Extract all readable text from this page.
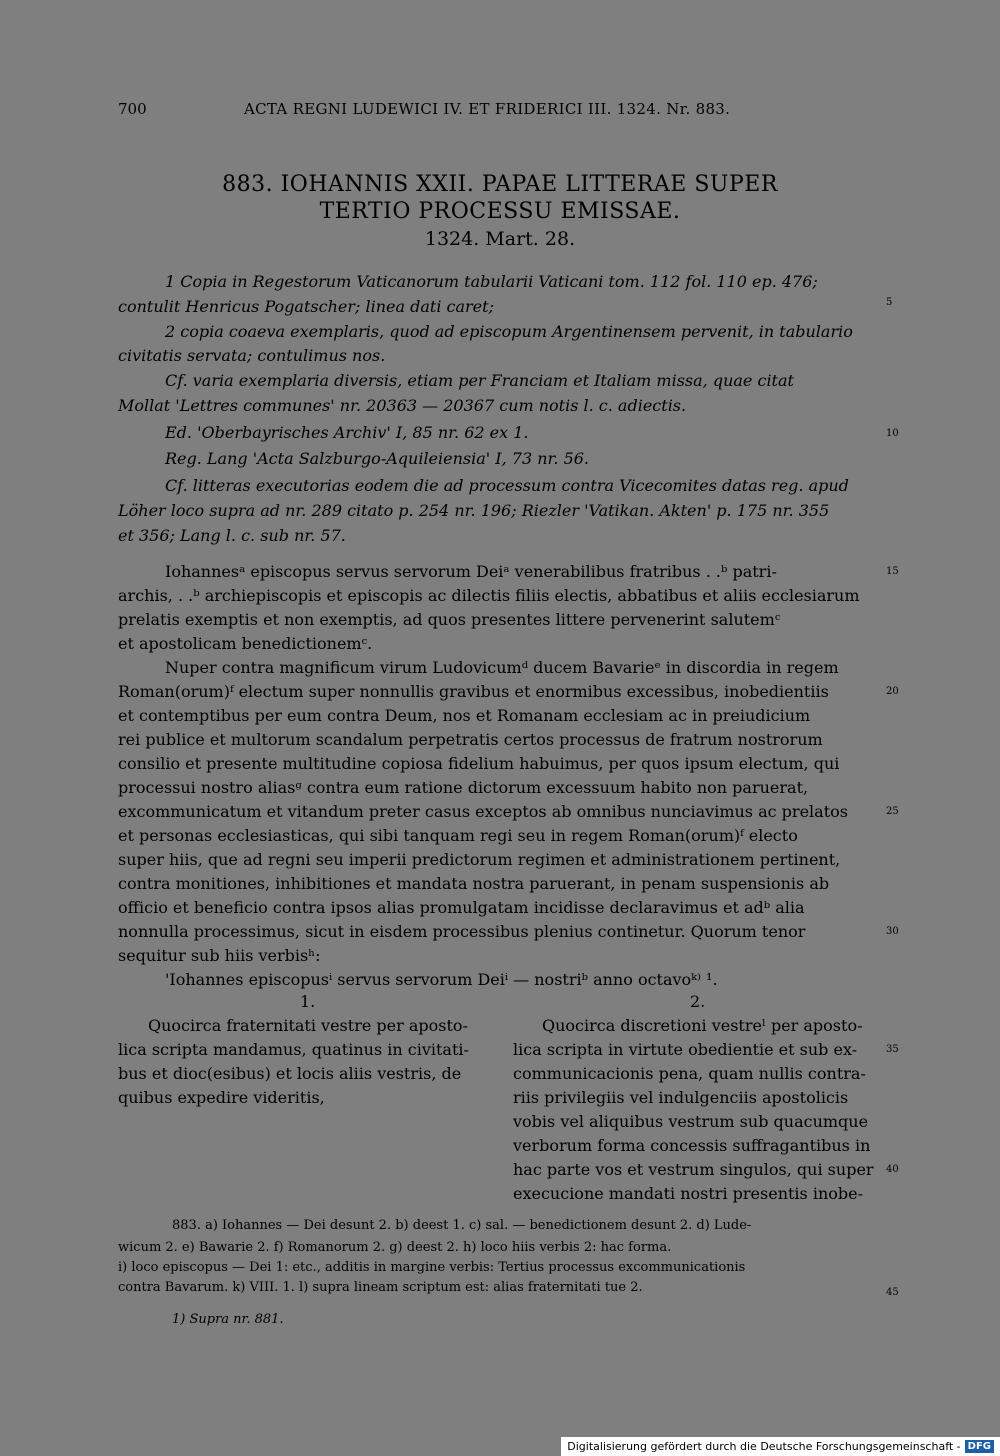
700	ACTA REGNI LUDEWICI IV. ET FRIDERICI III. 1324. Nr. 883.
883. IOHANNIS XXII. PAPAE LITTERAE SUPER
TERTIO PROCESSU EMISSAE.
1324. Mart. 28.
1 Copia in Regestorum Vaticanorum tabularii Vaticani tom. 112 fol. 110 ep. 476;
contulit Henricus Pogatscher; linea dati caret;
2 copia coaeva exemplaris, quod ad episcopum Argentinensem pervenit, in tabulario
civitatis servata; contulimus nos.
Cf. varia exemplaria diversis, etiam per Franciam et Italiam missa, quae citat
Mollat 'Lettres communes' nr. 20363 — 20367 cum notis l. c. adiectis.
Ed. 'Oberbayrisches Archiv' I, 85 nr. 62 ex 1.
Reg. Lang 'Acta Salzburgo-Aquileiensia' I, 73 nr. 56.
Cf. litteras executorias eodem die ad processum contra Vicecomites datas reg. apud
Löher loco supra ad nr. 289 citato p. 254 nr. 196; Riezler 'Vatikan. Akten' p. 175 nr. 355
et 356; Lang l. c. sub nr. 57.
Iohannesᵃ episcopus servus servorum Deiᵃ venerabilibus fratribus . .ᵇ patri-
archis, . .ᵇ archiepiscopis et episcopis ac dilectis filiis electis, abbatibus et aliis ecclesiarum
prelatis exemptis et non exemptis, ad quos presentes littere pervenerint salutemᶜ
et apostolicam benedictionemᶜ.
Nuper contra magnificum virum Ludovicumᵈ ducem Bavarieᵉ in discordia in regem
Roman(orum)ᶠ electum super nonnullis gravibus et enormibus excessibus, inobedientiis
et contemptibus per eum contra Deum, nos et Romanam ecclesiam ac in preiudicium
rei publice et multorum scandalum perpetratis certos processus de fratrum nostrorum
consilio et presente multitudine copiosa fidelium habuimus, per quos ipsum electum, qui
processui nostro aliasᵍ contra eum ratione dictorum excessuum habito non paruerat,
excommunicatum et vitandum preter casus exceptos ab omnibus nunciavimus ac prelatos
et personas ecclesiasticas, qui sibi tanquam regi seu in regem Roman(orum)ᶠ electo
super hiis, que ad regni seu imperii predictorum regimen et administrationem pertinent,
contra monitiones, inhibitiones et mandata nostra paruerant, in penam suspensionis ab
officio et beneficio contra ipsos alias promulgatam incidisse declaravimus et adᵇ alia
nonnulla processimus, sicut in eisdem processibus plenius continetur. Quorum tenor
sequitur sub hiis verbisʰ:
'Iohannes episcopusⁱ servus servorum Deiⁱ — nostriᵇ anno octavoᵏ⁾ ¹.
1.	2.
Quocirca fraternitati vestre per aposto-
lica scripta mandamus, quatinus in civitati-
bus et dioc(esibus) et locis aliis vestris, de
quibus expedire videritis,
Quocirca discretioni vestreˡ per aposto-
lica scripta in virtute obedientie et sub ex-
communicacionis pena, quam nullis contra-
riis privilegiis vel indulgenciis apostolicis
vobis vel aliquibus vestrum sub quacumque
verborum forma concessis suffragantibus in
hac parte vos et vestrum singulos, qui super
execucione mandati nostri presentis inobe-
883. a) Iohannes — Dei desunt 2. b) deest 1. c) sal. — benedictionem desunt 2. d) Lude-
wicum 2. e) Bawarie 2. f) Romanorum 2. g) deest 2. h) loco hiis verbis 2: hac forma.
i) loco episcopus — Dei 1: etc., additis in margine verbis: Tertius processus excommunicationis
contra Bavarum. k) VIII. 1. l) supra lineam scriptum est: alias fraternitati tue 2.
1) Supra nr. 881.
5
10
15
20
25
30
35
40
45
Digitalisierung gefördert durch die Deutsche Forschungsgemeinschaft - DFG
